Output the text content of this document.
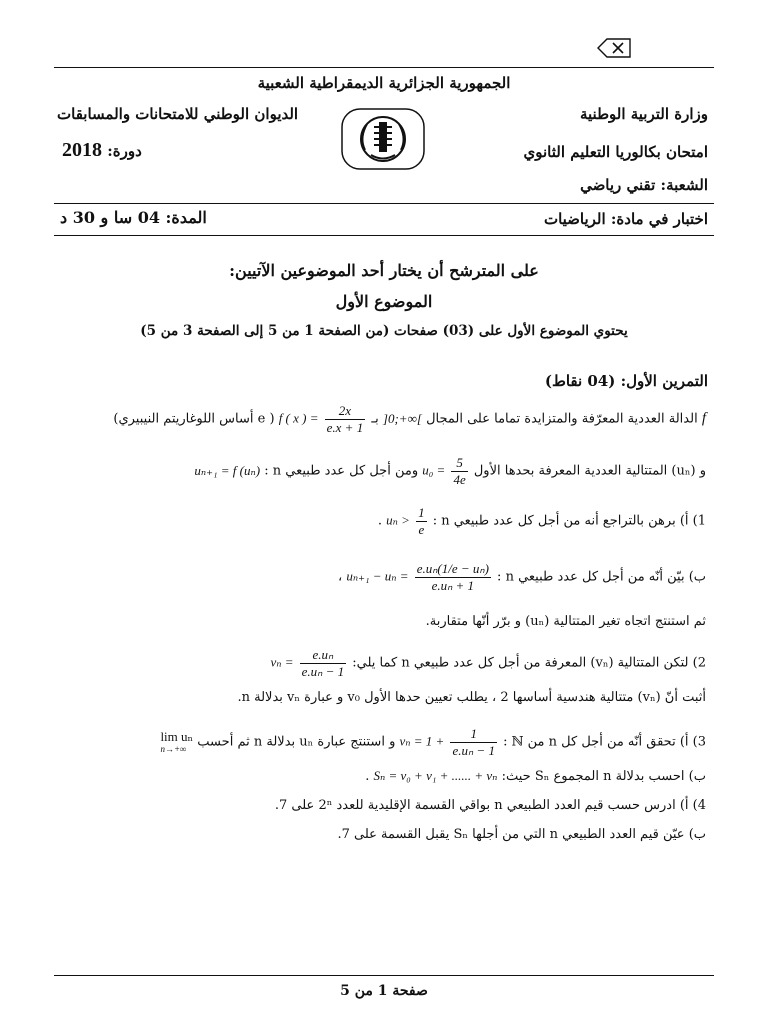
الجمهورية الجزائرية الديمقراطية الشعبية
وزارة التربية الوطنية
امتحان بكالوريا التعليم الثانوي
الشعبة: تقني رياضي
الديوان الوطني للامتحانات والمسابقات
دورة: 2018
اختبار في مادة: الرياضيات
المدة: 04 سا و 30 د
على المترشح أن يختار أحد الموضوعين الآتيين:
الموضوع الأول
يحتوي الموضوع الأول على (03) صفحات (من الصفحة 1 من 5 إلى الصفحة 3 من 5)
التمرين الأول: (04 نقاط)
f الدالة العددية المعرّفة والمتزايدة تماما على المجال ]0;+∞[ بـ f ( x ) = $\frac{2x}{e.x + 1}$
( e أساس اللوغاريتم النيبيري)
و (uₙ) المتتالية العددية المعرفة بحدها الأول $u_0 = \frac{5}{4e}$
ومن أجل كل عدد طبيعي n : uₙ₊₁ = f (uₙ)
1) أ) برهن بالتراجع أنه من أجل كل عدد طبيعي n : $u_n > \frac{1}{e}$
.
ب) بيّن أنّه من أجل كل عدد طبيعي n : $u_{n+1} - u_n = \frac{\text{e.uₙ(1/e − uₙ)}}{\text{e.uₙ + 1}}$
،
ثم استنتج اتجاه تغير المتتالية (uₙ) و برّر أنّها متقاربة.
2) لتكن المتتالية (vₙ) المعرفة من أجل كل عدد طبيعي n كما يلي: $v_n = \frac{\text{e.uₙ}}{\text{e.uₙ − 1}}$
أثبت أنّ (vₙ) متتالية هندسية أساسها 2 ، يطلب تعيين حدها الأول v₀ و عبارة vₙ بدلالة n.
3) أ) تحقق أنّه من أجل كل n من ℕ : $v_n = 1 + \frac{1}{\text{e.uₙ − 1}}$
و استنتج عبارة uₙ بدلالة n ثم أحسب
lim uₙ
n→+∞
ب) احسب بدلالة n المجموع Sₙ حيث: Sₙ = v₀ + v₁ + ...... + vₙ .
4) أ) ادرس حسب قيم العدد الطبيعي n بواقي القسمة الإقليدية للعدد 2ⁿ على 7.
ب) عيّن قيم العدد الطبيعي n التي من أجلها Sₙ يقبل القسمة على 7.
صفحة 1 من 5
